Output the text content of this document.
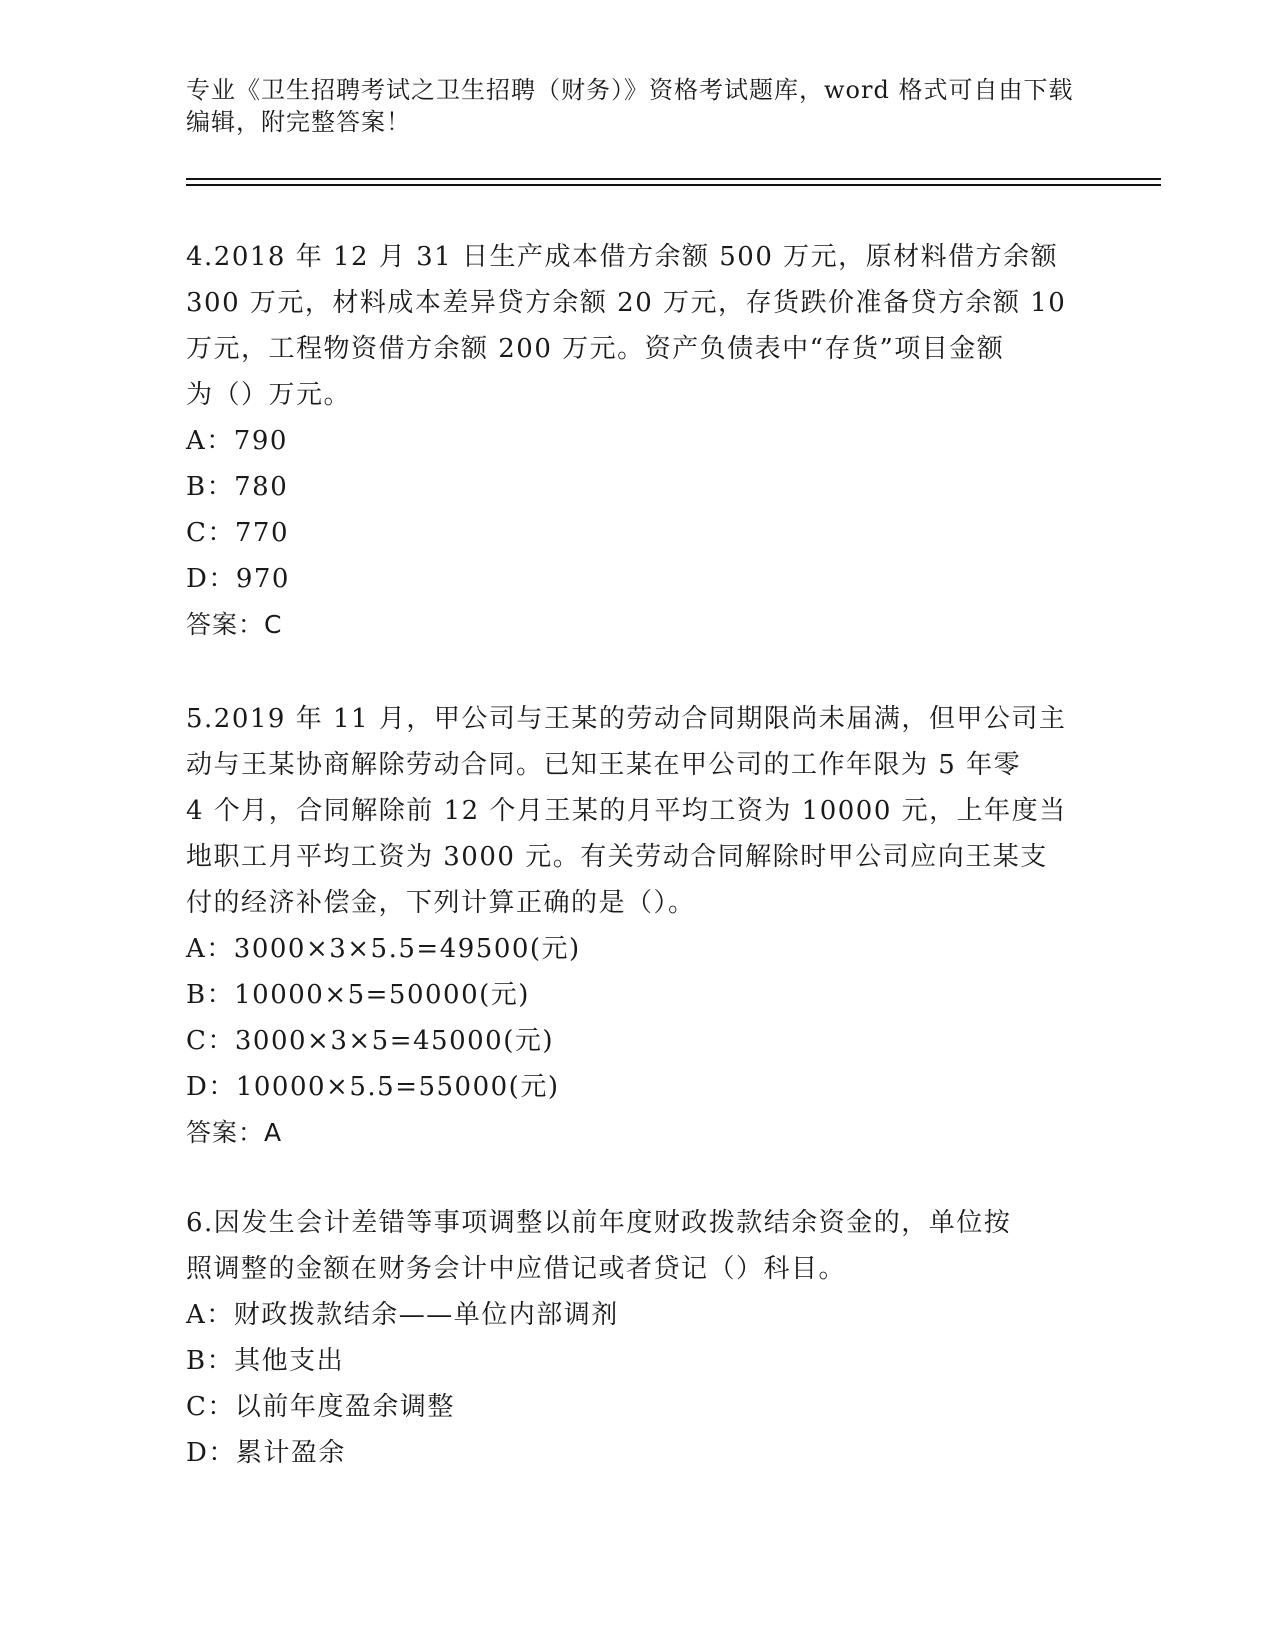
专业《卫生招聘考试之卫生招聘（财务）》资格考试题库，word 格式可自由下载
编辑，附完整答案！
4.2018 年 12 月 31 日生产成本借方余额 500 万元，原材料借方余额
300 万元，材料成本差异贷方余额 20 万元，存货跌价准备贷方余额 10
万元，工程物资借方余额 200 万元。资产负债表中“存货”项目金额
为（）万元。
A：790
B：780
C：770
D：970
答案：C
5.2019 年 11 月，甲公司与王某的劳动合同期限尚未届满，但甲公司主
动与王某协商解除劳动合同。已知王某在甲公司的工作年限为 5 年零
4 个月，合同解除前 12 个月王某的月平均工资为 10000 元，上年度当
地职工月平均工资为 3000 元。有关劳动合同解除时甲公司应向王某支
付的经济补偿金，下列计算正确的是（）。
A：3000×3×5.5=49500(元)
B：10000×5=50000(元)
C：3000×3×5=45000(元)
D：10000×5.5=55000(元)
答案：A
6.因发生会计差错等事项调整以前年度财政拨款结余资金的，单位按
照调整的金额在财务会计中应借记或者贷记（）科目。
A：财政拨款结余——单位内部调剂
B：其他支出
C：以前年度盈余调整
D：累计盈余
